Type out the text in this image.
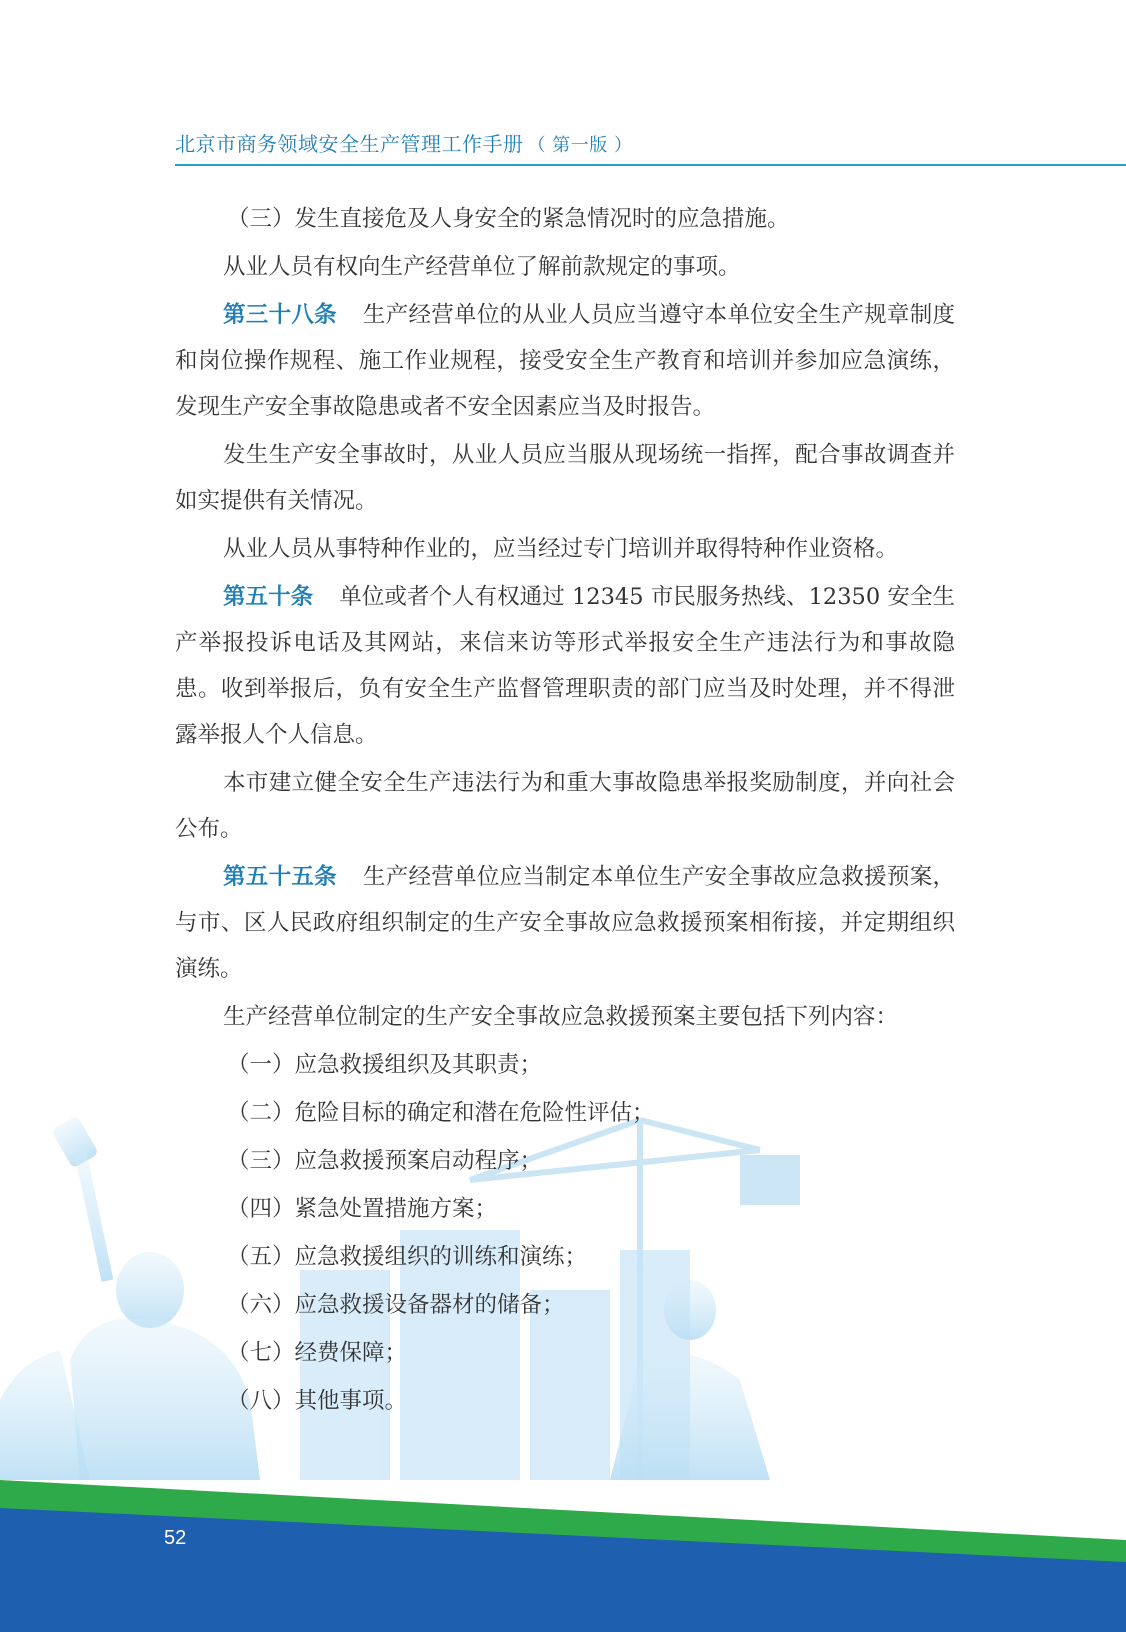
北京市商务领域安全生产管理工作手册 （ 第一版 ）

（三）发生直接危及人身安全的紧急情况时的应急措施。

从业人员有权向生产经营单位了解前款规定的事项。

第三十八条 生产经营单位的从业人员应当遵守本单位安全生产规章制度和岗位操作规程、施工作业规程，接受安全生产教育和培训并参加应急演练，发现生产安全事故隐患或者不安全因素应当及时报告。

发生生产安全事故时，从业人员应当服从现场统一指挥，配合事故调查并如实提供有关情况。

从业人员从事特种作业的，应当经过专门培训并取得特种作业资格。

第五十条 单位或者个人有权通过 12345 市民服务热线、12350 安全生产举报投诉电话及其网站，来信来访等形式举报安全生产违法行为和事故隐患。收到举报后，负有安全生产监督管理职责的部门应当及时处理，并不得泄露举报人个人信息。

本市建立健全安全生产违法行为和重大事故隐患举报奖励制度，并向社会公布。

第五十五条 生产经营单位应当制定本单位生产安全事故应急救援预案，与市、区人民政府组织制定的生产安全事故应急救援预案相衔接，并定期组织演练。

生产经营单位制定的生产安全事故应急救援预案主要包括下列内容：

（一）应急救援组织及其职责；

（二）危险目标的确定和潜在危险性评估；

（三）应急救援预案启动程序；

（四）紧急处置措施方案；

（五）应急救援组织的训练和演练；

（六）应急救援设备器材的储备；

（七）经费保障；

（八）其他事项。

52
